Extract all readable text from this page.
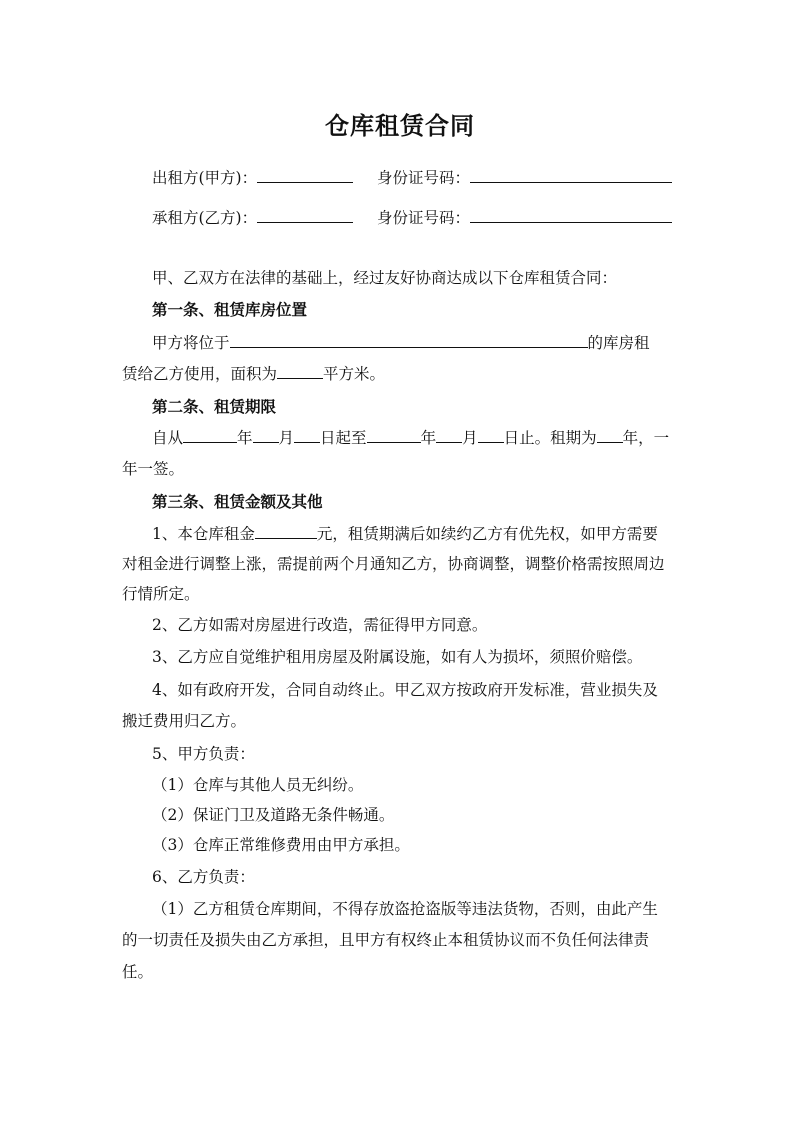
仓库租赁合同
出租方(甲方)：	身份证号码：
承租方(乙方)：	身份证号码：
甲、乙双方在法律的基础上，经过友好协商达成以下仓库租赁合同：
第一条、租赁库房位置
甲方将位于	的库房租
赁给乙方使用，面积为	平方米。
第二条、租赁期限
自从	年 月 日起至	年 月 日止。租期为 年，一
年一签。
第三条、租赁金额及其他
1、本仓库租金	元，租赁期满后如续约乙方有优先权，如甲方需要
对租金进行调整上涨，需提前两个月通知乙方，协商调整，调整价格需按照周边
行情所定。
2、乙方如需对房屋进行改造，需征得甲方同意。
3、乙方应自觉维护租用房屋及附属设施，如有人为损坏，须照价赔偿。
4、如有政府开发，合同自动终止。甲乙双方按政府开发标准，营业损失及
搬迁费用归乙方。
5、甲方负责：
（1）仓库与其他人员无纠纷。
（2）保证门卫及道路无条件畅通。
（3）仓库正常维修费用由甲方承担。
6、乙方负责：
（1）乙方租赁仓库期间，不得存放盗抢盗版等违法货物，否则，由此产生
的一切责任及损失由乙方承担，且甲方有权终止本租赁协议而不负任何法律责
任。
